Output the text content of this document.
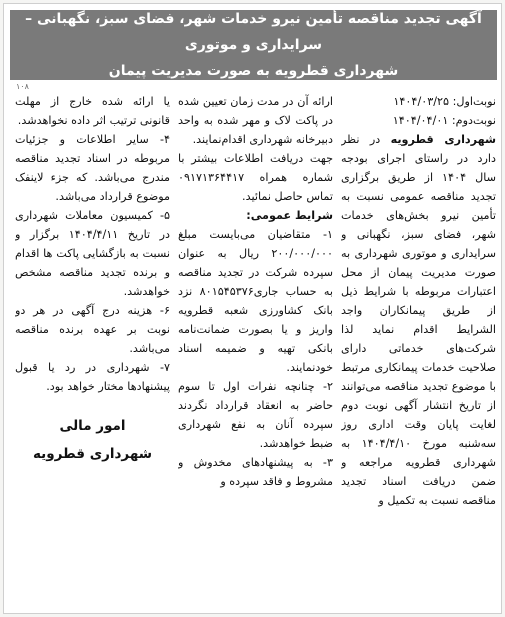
آگهی تجدید مناقصه تأمین نیرو خدمات شهر، فضای سبز، نگهبانی – سرایداری و موتوری
شهرداری قطرویه به صورت مدیریت پیمان
۱۰۸

نوبت‌اول: ۱۴۰۴/۰۳/۲۵

نوبت‌دوم: ۱۴۰۴/۰۴/۰۱

شهرداری قطرویه در نظر دارد در راستای اجرای بودجه سال ۱۴۰۴ از طریق برگزاری تجدید مناقصه عمومی نسبت به تأمین نیرو بخش‌های خدمات شهر، فضای سبز، نگهبانی و سرایداری و موتوری شهرداری به صورت مدیریت پیمان از محل اعتبارات مربوطه با شرایط ذیل از طریق پیمانکاران واجد الشرایط اقدام نماید لذا شرکت‌های خدماتی دارای صلاحیت خدمات پیمانکاری مرتبط با موضوع تجدید مناقصه می‌توانند از تاریخ انتشار آگهی نوبت دوم لغایت پایان وقت اداری روز سه‌شنبه مورخ ۱۴۰۴/۴/۱۰ به شهرداری قطرویه مراجعه و ضمن دریافت اسناد تجدید مناقصه نسبت به تکمیل و

ارائه آن در مدت زمان تعیین شده در پاکت لاک و مهر شده به واحد دبیرخانه شهرداری اقدام‌نمایند.

جهت دریافت اطلاعات بیشتر با شماره همراه ۰۹۱۷۱۳۶۴۴۱۷ تماس حاصل نمائید.

شرایط عمومی:

۱- متقاضیان می‌بایست مبلغ ۲۰۰/۰۰۰/۰۰۰ ریال به عنوان سپرده شرکت در تجدید مناقصه به حساب جاری۸۰۱۵۴۵۳۷۶ نزد بانک کشاورزی شعبه قطرویه واریز و یا بصورت ضمانت‌نامه بانکی تهیه و ضمیمه اسناد خودنمایند.

۲- چنانچه نفرات اول تا سوم حاضر به انعقاد قرارداد نگردند سپرده آنان به نفع شهرداری ضبط خواهدشد.

۳- به پیشنهادهای مخدوش و مشروط و فاقد سپرده و

یا ارائه شده خارج از مهلت قانونی ترتیب اثر داده نخواهدشد.

۴- سایر اطلاعات و جزئیات مربوطه در اسناد تجدید مناقصه مندرج می‌باشد. که جزء لاینفک موضوع قرارداد می‌باشد.

۵- کمیسیون معاملات شهرداری در تاریخ ۱۴۰۴/۴/۱۱ برگزار و نسبت به بازگشایی پاکت ها اقدام و برنده تجدید مناقصه مشخص خواهدشد.

۶- هزینه درج آگهی در هر دو نوبت بر عهده برنده مناقصه می‌باشد.

۷- شهرداری در رد یا قبول پیشنهادها مختار خواهد بود.

امور مالی
شهرداری قطرویه
